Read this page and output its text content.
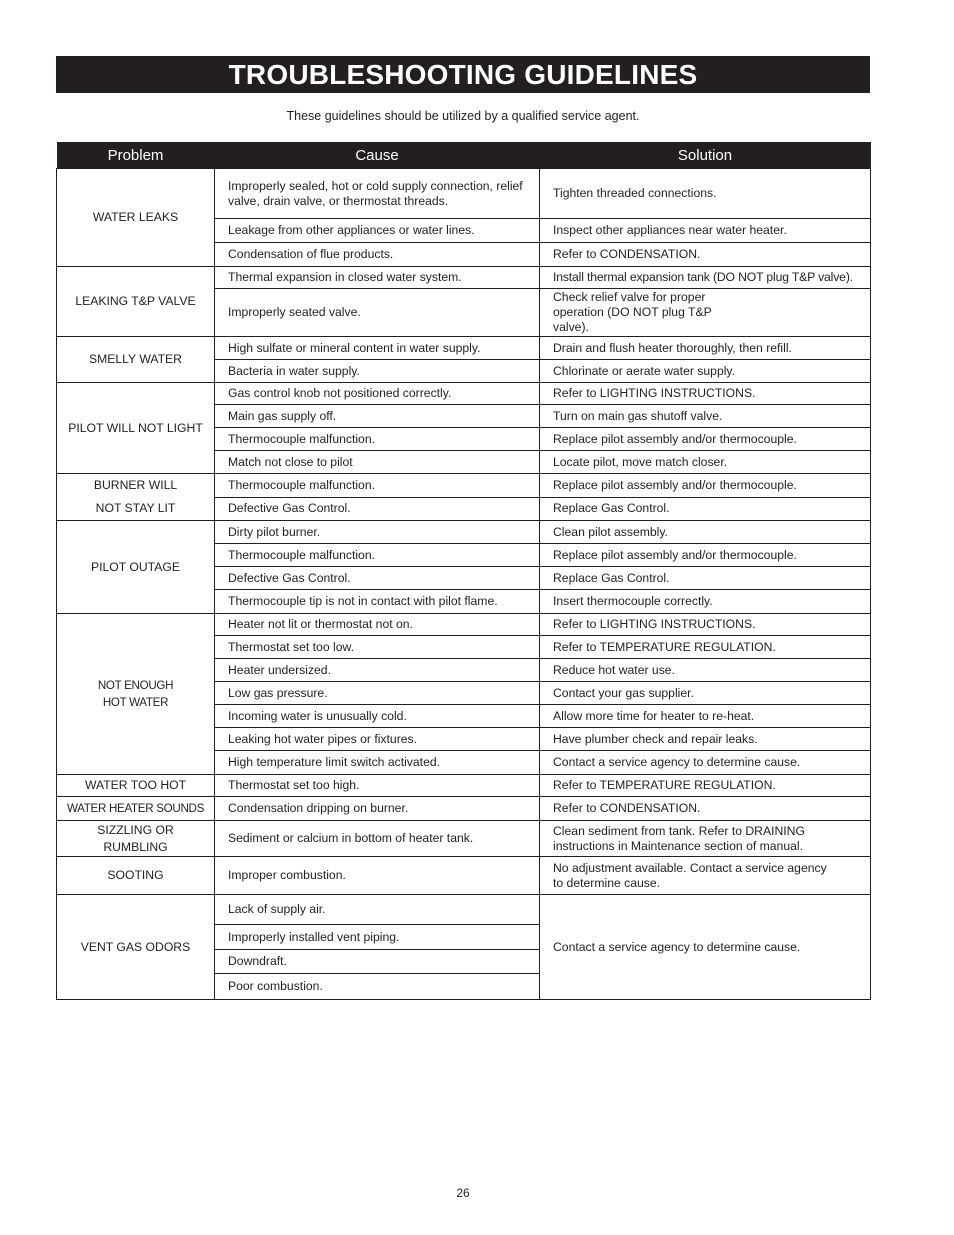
TROUBLESHOOTING GUIDELINES
These guidelines should be utilized by a qualified service agent.
Problem	Cause	Solution
WATER LEAKS	Improperly sealed, hot or cold supply connection, relief valve, drain valve, or thermostat threads.	Tighten threaded connections.
	Leakage from other appliances or water lines.	Inspect other appliances near water heater.
	Condensation of flue products.	Refer to CONDENSATION.
LEAKING T&P VALVE	Thermal expansion in closed water system.	Install thermal expansion tank (DO NOT plug T&P valve).
	Improperly seated valve.	Check relief valve for proper operation (DO NOT plug T&P valve).
SMELLY WATER	High sulfate or mineral content in water supply.	Drain and flush heater thoroughly, then refill.
	Bacteria in water supply.	Chlorinate or aerate water supply.
PILOT WILL NOT LIGHT	Gas control knob not positioned correctly.	Refer to LIGHTING INSTRUCTIONS.
	Main gas supply off.	Turn on main gas shutoff valve.
	Thermocouple malfunction.	Replace pilot assembly and/or thermocouple.
	Match not close to pilot	Locate pilot, move match closer.
BURNER WILL NOT STAY LIT	Thermocouple malfunction.	Replace pilot assembly and/or thermocouple.
	Defective Gas Control.	Replace Gas Control.
PILOT OUTAGE	Dirty pilot burner.	Clean pilot assembly.
	Thermocouple malfunction.	Replace pilot assembly and/or thermocouple.
	Defective Gas Control.	Replace Gas Control.
	Thermocouple tip is not in contact with pilot flame.	Insert thermocouple correctly.
NOT ENOUGH HOT WATER	Heater not lit or thermostat not on.	Refer to LIGHTING INSTRUCTIONS.
	Thermostat set too low.	Refer to TEMPERATURE REGULATION.
	Heater undersized.	Reduce hot water use.
	Low gas pressure.	Contact your gas supplier.
	Incoming water is unusually cold.	Allow more time for heater to re-heat.
	Leaking hot water pipes or fixtures.	Have plumber check and repair leaks.
	High temperature limit switch activated.	Contact a service agency to determine cause.
WATER TOO HOT	Thermostat set too high.	Refer to TEMPERATURE REGULATION.
WATER HEATER SOUNDS	Condensation dripping on burner.	Refer to CONDENSATION.
SIZZLING OR RUMBLING	Sediment or calcium in bottom of heater tank.	Clean sediment from tank. Refer to DRAINING instructions in Maintenance section of manual.
SOOTING	Improper combustion.	No adjustment available. Contact a service agency to determine cause.
VENT GAS ODORS	Lack of supply air.	Contact a service agency to determine cause.
	Improperly installed vent piping.	
	Downdraft.	
	Poor combustion.	
26
